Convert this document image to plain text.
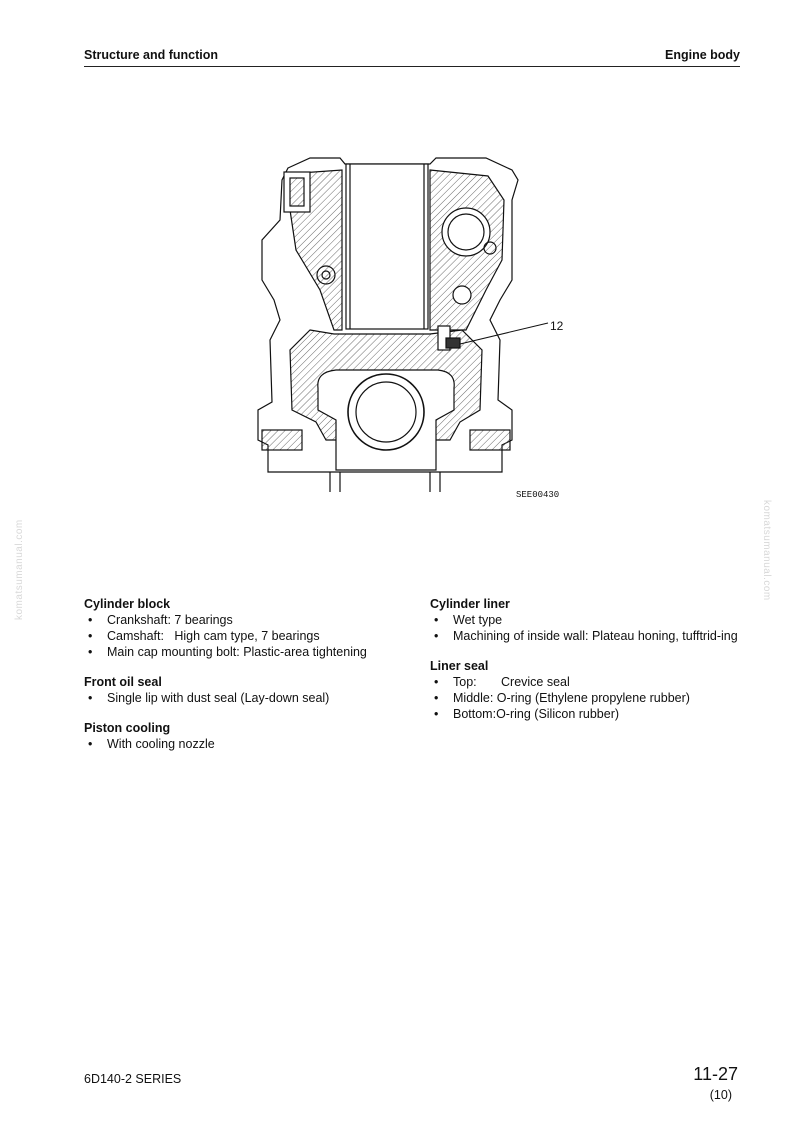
Structure and function	Engine body
komatsumanual.com	komatsumanual.com
12
SEE00430
Cylinder block
• Crankshaft: 7 bearings
• Camshaft:   High cam type, 7 bearings
• Main cap mounting bolt: Plastic-area tightening
Front oil seal
• Single lip with dust seal (Lay-down seal)
Piston cooling
• With cooling nozzle
Cylinder liner
• Wet type
• Machining of inside wall: Plateau honing, tufftrid-ing
Liner seal
• Top: Crevice seal
• Middle: O-ring (Ethylene propylene rubber)
• Bottom:O-ring (Silicon rubber)
6D140-2 SERIES	11-27
(10)
